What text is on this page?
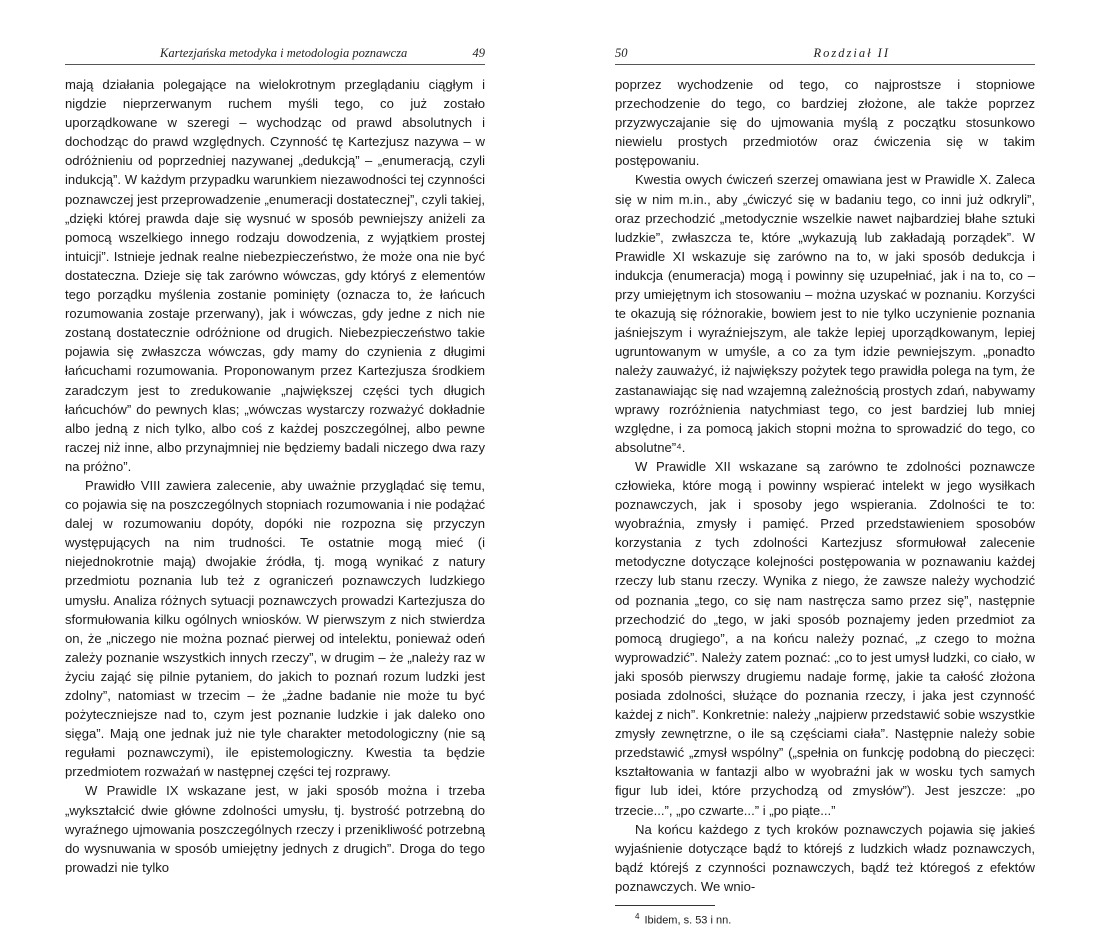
Kartezjańska metodyka i metodologia poznawcza	49

mają działania polegające na wielokrotnym przeglądaniu ciągłym i nigdzie nieprzerwanym ruchem myśli tego, co już zostało uporządkowane w szeregi – wychodząc od prawd absolutnych i dochodząc do prawd względnych. Czynność tę Kartezjusz nazywa – w odróżnieniu od poprzedniej nazywanej „dedukcją” – „enumeracją, czyli indukcją”. W każdym przypadku warunkiem niezawodności tej czynności poznawczej jest przeprowadzenie „enumeracji dostatecznej”, czyli takiej, „dzięki której prawda daje się wysnuć w sposób pewniejszy aniżeli za pomocą wszelkiego innego rodzaju dowodzenia, z wyjątkiem prostej intuicji”. Istnieje jednak realne niebezpieczeństwo, że może ona nie być dostateczna. Dzieje się tak zarówno wówczas, gdy któryś z elementów tego porządku myślenia zostanie pominięty (oznacza to, że łańcuch rozumowania zostaje przerwany), jak i wówczas, gdy jedne z nich nie zostaną dostatecznie odróżnione od drugich. Niebezpieczeństwo takie pojawia się zwłaszcza wówczas, gdy mamy do czynienia z długimi łańcuchami rozumowania. Proponowanym przez Kartezjusza środkiem zaradczym jest to zredukowanie „największej części tych długich łańcuchów” do pewnych klas; „wówczas wystarczy rozważyć dokładnie albo jedną z nich tylko, albo coś z każdej poszczególnej, albo pewne raczej niż inne, albo przynajmniej nie będziemy badali niczego dwa razy na próżno”.

Prawidło VIII zawiera zalecenie, aby uważnie przyglądać się temu, co pojawia się na poszczególnych stopniach rozumowania i nie podążać dalej w rozumowaniu dopóty, dopóki nie rozpozna się przyczyn występujących na nim trudności. Te ostatnie mogą mieć (i niejednokrotnie mają) dwojakie źródła, tj. mogą wynikać z natury przedmiotu poznania lub też z ograniczeń poznawczych ludzkiego umysłu. Analiza różnych sytuacji poznawczych prowadzi Kartezjusza do sformułowania kilku ogólnych wniosków. W pierwszym z nich stwierdza on, że „niczego nie można poznać pierwej od intelektu, ponieważ odeń zależy poznanie wszystkich innych rzeczy”, w drugim – że „należy raz w życiu zająć się pilnie pytaniem, do jakich to poznań rozum ludzki jest zdolny”, natomiast w trzecim – że „żadne badanie nie może tu być pożyteczniejsze nad to, czym jest poznanie ludzkie i jak daleko ono sięga”. Mają one jednak już nie tyle charakter metodologiczny (nie są regułami poznawczymi), ile epistemologiczny. Kwestia ta będzie przedmiotem rozważań w następnej części tej rozprawy.

W Prawidle IX wskazane jest, w jaki sposób można i trzeba „wykształcić dwie główne zdolności umysłu, tj. bystrość potrzebną do wyraźnego ujmowania poszczególnych rzeczy i przenikliwość potrzebną do wysnuwania w sposób umiejętny jednych z drugich”. Droga do tego prowadzi nie tylko

50	Rozdział II

poprzez wychodzenie od tego, co najprostsze i stopniowe przechodzenie do tego, co bardziej złożone, ale także poprzez przyzwyczajanie się do ujmowania myślą z początku stosunkowo niewielu prostych przedmiotów oraz ćwiczenia się w takim postępowaniu.

Kwestia owych ćwiczeń szerzej omawiana jest w Prawidle X. Zaleca się w nim m.in., aby „ćwiczyć się w badaniu tego, co inni już odkryli”, oraz przechodzić „metodycznie wszelkie nawet najbardziej błahe sztuki ludzkie”, zwłaszcza te, które „wykazują lub zakładają porządek”. W Prawidle XI wskazuje się zarówno na to, w jaki sposób dedukcja i indukcja (enumeracja) mogą i powinny się uzupełniać, jak i na to, co – przy umiejętnym ich stosowaniu – można uzyskać w poznaniu. Korzyści te okazują się różnorakie, bowiem jest to nie tylko uczynienie poznania jaśniejszym i wyraźniejszym, ale także lepiej uporządkowanym, lepiej ugruntowanym w umyśle, a co za tym idzie pewniejszym. „ponadto należy zauważyć, iż największy pożytek tego prawidła polega na tym, że zastanawiając się nad wzajemną zależnością prostych zdań, nabywamy wprawy rozróżnienia natychmiast tego, co jest bardziej lub mniej względne, i za pomocą jakich stopni można to sprowadzić do tego, co absolutne”⁴.

W Prawidle XII wskazane są zarówno te zdolności poznawcze człowieka, które mogą i powinny wspierać intelekt w jego wysiłkach poznawczych, jak i sposoby jego wspierania. Zdolności te to: wyobraźnia, zmysły i pamięć. Przed przedstawieniem sposobów korzystania z tych zdolności Kartezjusz sformułował zalecenie metodyczne dotyczące kolejności postępowania w poznawaniu każdej rzeczy lub stanu rzeczy. Wynika z niego, że zawsze należy wychodzić od poznania „tego, co się nam nastręcza samo przez się”, następnie przechodzić do „tego, w jaki sposób poznajemy jeden przedmiot za pomocą drugiego”, a na końcu należy poznać, „z czego to można wyprowadzić”. Należy zatem poznać: „co to jest umysł ludzki, co ciało, w jaki sposób pierwszy drugiemu nadaje formę, jakie ta całość złożona posiada zdolności, służące do poznania rzeczy, i jaka jest czynność każdej z nich”. Konkretnie: należy „najpierw przedstawić sobie wszystkie zmysły zewnętrzne, o ile są częściami ciała”. Następnie należy sobie przedstawić „zmysł wspólny” („spełnia on funkcję podobną do pieczęci: kształtowania w fantazji albo w wyobraźni jak w wosku tych samych figur lub idei, które przychodzą od zmysłów”). Jest jeszcze: „po trzecie...”, „po czwarte...” i „po piąte...”

Na końcu każdego z tych kroków poznawczych pojawia się jakieś wyjaśnienie dotyczące bądź to którejś z ludzkich władz poznawczych, bądź którejś z czynności poznawczych, bądź też któregoś z efektów poznawczych. We wnio-

$^4$ Ibidem, s. 53 i nn.
